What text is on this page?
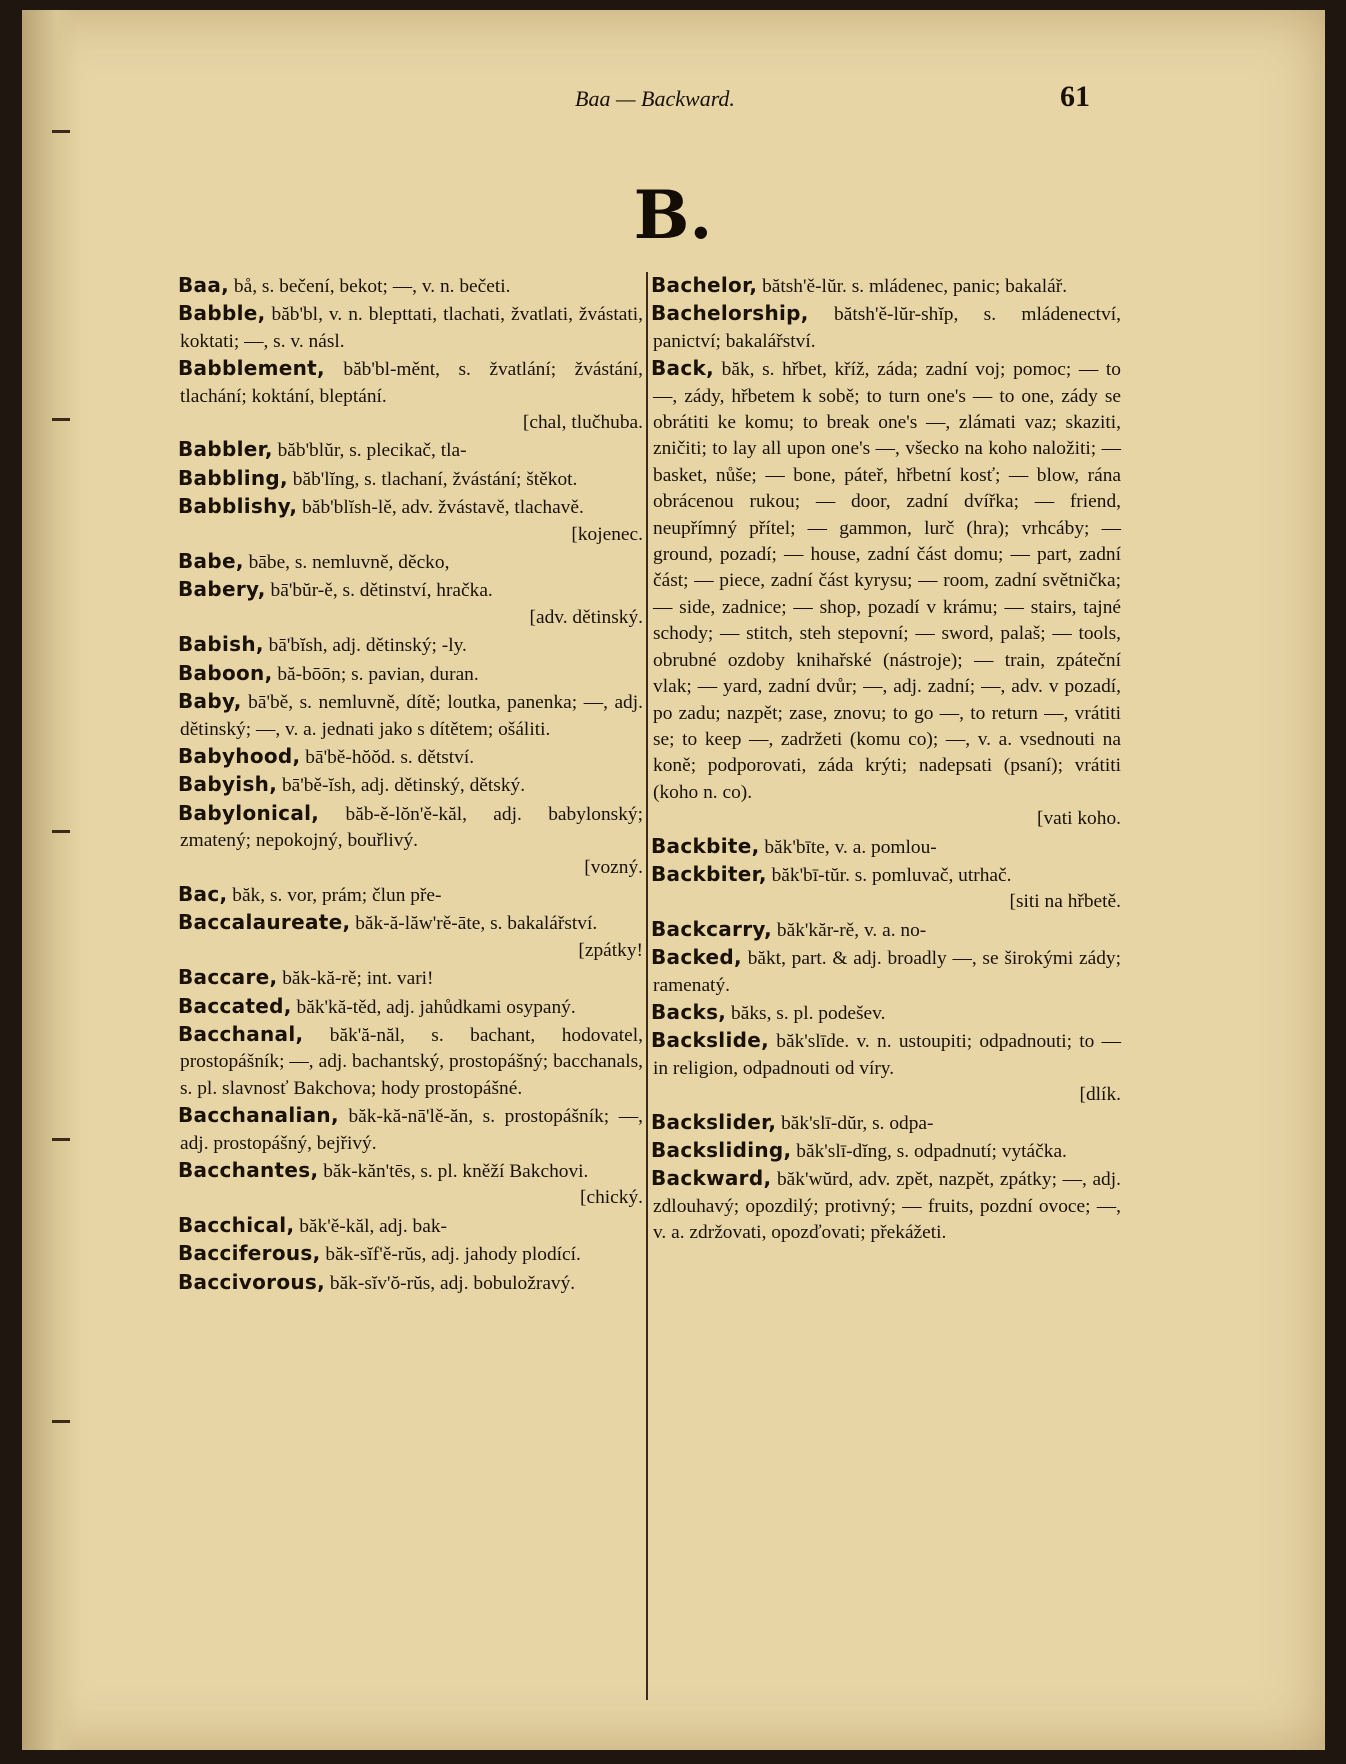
Baa — Backward.	61
B.

Baa, bå, s. bečení, bekot; —, v. n. bečeti.

Babble, băb'bl, v. n. blepttati, tlachati, žvatlati, žvástati, koktati; —, s. v. násl.

Babblement, băb'bl-měnt, s. žvatlání; žvástání, tlachání; koktání, bleptání.
[chal, tlučhuba.

Babbler, băb'blŭr, s. plecikač, tla-

Babbling, băb'lĭng, s. tlachaní, žvástání; štěkot.

Babblishy, băb'blĭsh-lě, adv. žvástavě, tlachavě.
[kojenec.

Babe, bābe, s. nemluvně, děcko,

Babery, bā'bŭr-ě, s. dětinství, hračka.
[adv. dětinský.

Babish, bā'bĭsh, adj. dětinský; -ly.

Baboon, bă-bōōn; s. pavian, duran.

Baby, bā'bě, s. nemluvně, dítě; loutka, panenka; —, adj. dětinský; —, v. a. jednati jako s dítětem; ošáliti.

Babyhood, bā'bě-hŏŏd. s. dětství.

Babyish, bā'bě-ĭsh, adj. dětinský, dětský.

Babylonical, băb-ě-lŏn'ě-kăl, adj. babylonský; zmatený; nepokojný, bouřlivý.
[vozný.

Bac, băk, s. vor, prám; člun pře-

Baccalaureate, băk-ă-lăw'rě-āte, s. bakalářství.
[zpátky!

Baccare, băk-kă-rě; int. vari!

Baccated, băk'kă-těd, adj. jahůdkami osypaný.

Bacchanal, băk'ă-năl, s. bachant, hodovatel, prostopášník; —, adj. bachantský, prostopášný; bacchanals, s. pl. slavnosť Bakchova; hody prostopášné.

Bacchanalian, băk-kă-nā'lě-ăn, s. prostopášník; —, adj. prostopášný, bejřivý.

Bacchantes, băk-kăn'tēs, s. pl. kněží Bakchovi.
[chický.

Bacchical, băk'ě-kăl, adj. bak-

Bacciferous, băk-sĭf'ě-rŭs, adj. jahody plodící.

Baccivorous, băk-sĭv'ŏ-rŭs, adj. bobuložravý.

Bachelor, bătsh'ě-lŭr. s. mládenec, panic; bakalář.

Bachelorship, bătsh'ě-lŭr-shĭp, s. mládenectví, panictví; bakalářství.

Back, băk, s. hřbet, kříž, záda; zadní voj; pomoc; — to —, zády, hřbetem k sobě; to turn one's — to one, zády se obrátiti ke komu; to break one's —, zlámati vaz; skaziti, zničiti; to lay all upon one's —, všecko na koho naložiti; — basket, nůše; — bone, páteř, hřbetní kosť; — blow, rána obrácenou rukou; — door, zadní dvířka; — friend, neupřímný přítel; — gammon, lurč (hra); vrhcáby; — ground, pozadí; — house, zadní část domu; — part, zadní část; — piece, zadní část kyrysu; — room, zadní světnička; — side, zadnice; — shop, pozadí v krámu; — stairs, tajné schody; — stitch, steh stepovní; — sword, palaš; — tools, obrubné ozdoby knihařské (nástroje); — train, zpáteční vlak; — yard, zadní dvůr; —, adj. zadní; —, adv. v pozadí, po zadu; nazpět; zase, znovu; to go —, to return —, vrátiti se; to keep —, zadržeti (komu co); —, v. a. vsednouti na koně; podporovati, záda krýti; nadepsati (psaní); vrátiti (koho n. co).
[vati koho.

Backbite, băk'bīte, v. a. pomlou-

Backbiter, băk'bī-tŭr. s. pomluvač, utrhač.
[siti na hřbetě.

Backcarry, băk'kăr-rě, v. a. no-

Backed, băkt, part. & adj. broadly —, se širokými zády; ramenatý.

Backs, băks, s. pl. podešev.

Backslide, băk'slīde. v. n. ustoupiti; odpadnouti; to — in religion, odpadnouti od víry.
[dlík.

Backslider, băk'slī-dŭr, s. odpa-

Backsliding, băk'slī-dĭng, s. odpadnutí; vytáčka.

Backward, băk'wŭrd, adv. zpět, nazpět, zpátky; —, adj. zdlouhavý; opozdilý; protivný; — fruits, pozdní ovoce; —, v. a. zdržovati, opozďovati; překážeti.
